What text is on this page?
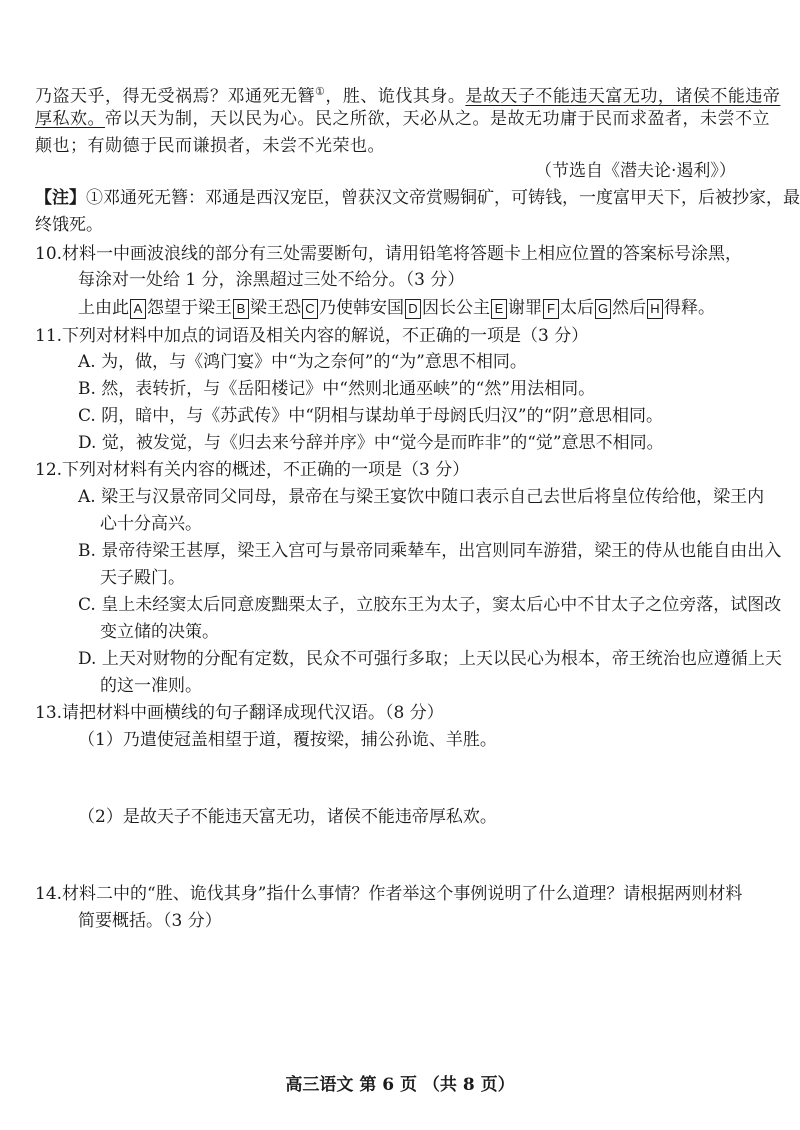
乃盗天乎，得无受祸焉？邓通死无簪①，胜、诡伐其身。是故天子不能违天富无功，诸侯不能违帝
厚私欢。帝以天为制，天以民为心。民之所欲，天必从之。是故无功庸于民而求盈者，未尝不立
颠也；有勋德于民而谦损者，未尝不光荣也。
（节选自《潜夫论·遏利》）
【注】①邓通死无簪：邓通是西汉宠臣，曾获汉文帝赏赐铜矿，可铸钱，一度富甲天下，后被抄家，最
终饿死。
10.材料一中画波浪线的部分有三处需要断句，请用铅笔将答题卡上相应位置的答案标号涂黑，
每涂对一处给 1 分，涂黑超过三处不给分。（3 分）
上由此 A 怨望于梁王 B 梁王恐 C 乃使韩安国 D 因长公主 E 谢罪 F 太后 G 然后 H 得释。
11.下列对材料中加点的词语及相关内容的解说，不正确的一项是（3 分）
A. 为，做，与《鸿门宴》中“为之奈何”的“为”意思不相同。
B. 然，表转折，与《岳阳楼记》中“然则北通巫峡”的“然”用法相同。
C. 阴，暗中，与《苏武传》中“阴相与谋劫单于母阏氏归汉”的“阴”意思相同。
D. 觉，被发觉，与《归去来兮辞并序》中“觉今是而昨非”的“觉”意思不相同。
12.下列对材料有关内容的概述，不正确的一项是（3 分）
A. 梁王与汉景帝同父同母，景帝在与梁王宴饮中随口表示自己去世后将皇位传给他，梁王内
心十分高兴。
B. 景帝待梁王甚厚，梁王入宫可与景帝同乘辇车，出宫则同车游猎，梁王的侍从也能自由出入
天子殿门。
C. 皇上未经窦太后同意废黜栗太子，立胶东王为太子，窦太后心中不甘太子之位旁落，试图改
变立储的决策。
D. 上天对财物的分配有定数，民众不可强行多取；上天以民心为根本，帝王统治也应遵循上天
的这一准则。
13.请把材料中画横线的句子翻译成现代汉语。（8 分）
（1）乃遣使冠盖相望于道，覆按梁，捕公孙诡、羊胜。
（2）是故天子不能违天富无功，诸侯不能违帝厚私欢。
14.材料二中的“胜、诡伐其身”指什么事情？作者举这个事例说明了什么道理？请根据两则材料
简要概括。（3 分）
高三语文 第 6 页 （共 8 页）
